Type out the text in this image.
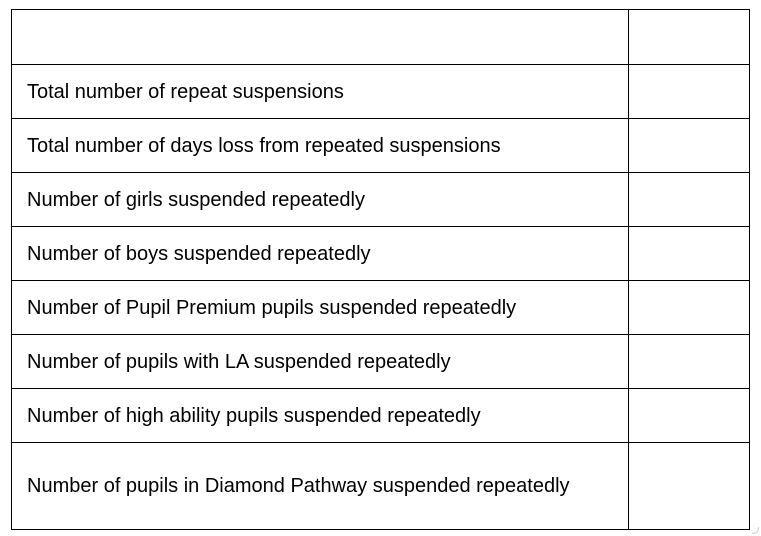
Total number of repeat suspensions	
Total number of days loss from repeated suspensions	
Number of girls suspended repeatedly	
Number of boys suspended repeatedly	
Number of Pupil Premium pupils suspended repeatedly	
Number of pupils with LA suspended repeatedly	
Number of high ability pupils suspended repeatedly	
Number of pupils in Diamond Pathway suspended repeatedly	
